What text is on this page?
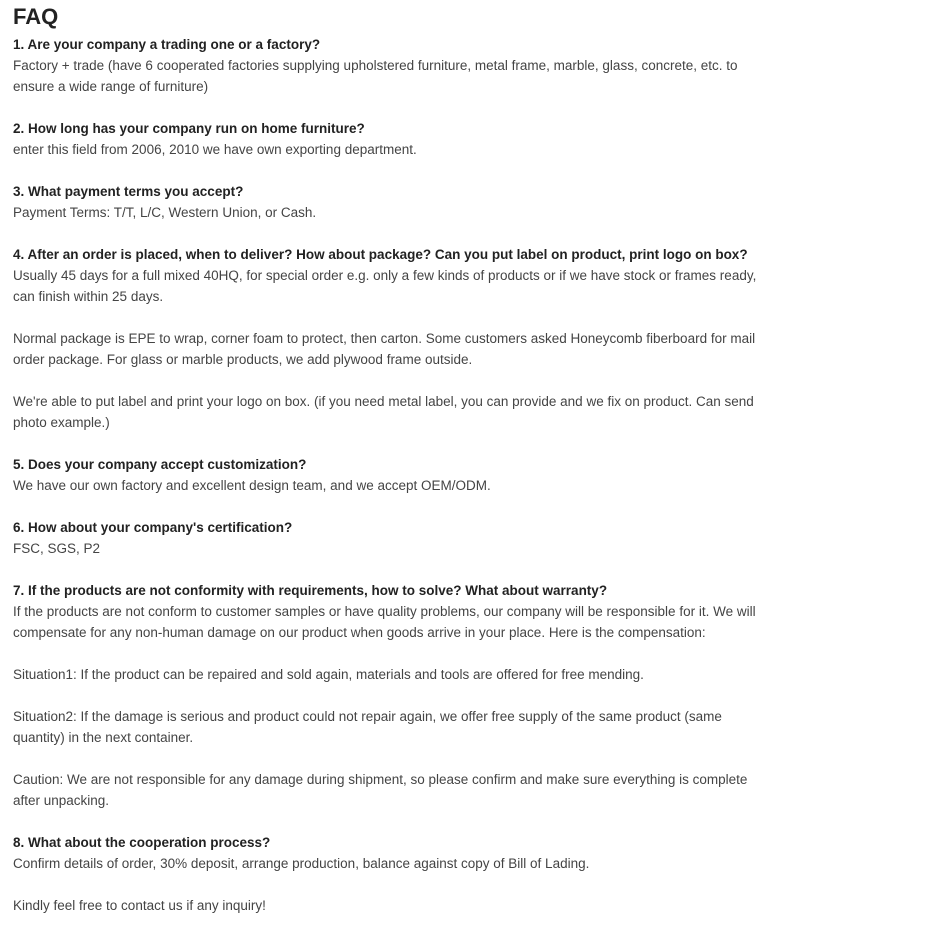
FAQ

1. Are your company a trading one or a factory?

Factory + trade (have 6 cooperated factories supplying upholstered furniture, metal frame, marble, glass, concrete, etc. to ensure a wide range of furniture)

2. How long has your company run on home furniture?

enter this field from 2006, 2010 we have own exporting department.

3. What payment terms you accept?

Payment Terms: T/T, L/C, Western Union, or Cash.

4. After an order is placed, when to deliver? How about package? Can you put label on product, print logo on box?

Usually 45 days for a full mixed 40HQ, for special order e.g. only a few kinds of products or if we have stock or frames ready, can finish within 25 days.

Normal package is EPE to wrap, corner foam to protect, then carton. Some customers asked Honeycomb fiberboard for mail order package. For glass or marble products, we add plywood frame outside.

We're able to put label and print your logo on box. (if you need metal label, you can provide and we fix on product. Can send photo example.)

5. Does your company accept customization?

We have our own factory and excellent design team, and we accept OEM/ODM.

6. How about your company's certification?

FSC, SGS, P2

7. If the products are not conformity with requirements, how to solve? What about warranty?

If the products are not conform to customer samples or have quality problems, our company will be responsible for it. We will compensate for any non-human damage on our product when goods arrive in your place. Here is the compensation:

Situation1: If the product can be repaired and sold again, materials and tools are offered for free mending.

Situation2: If the damage is serious and product could not repair again, we offer free supply of the same product (same quantity) in the next container.

Caution: We are not responsible for any damage during shipment, so please confirm and make sure everything is complete after unpacking.

8. What about the cooperation process?

Confirm details of order, 30% deposit, arrange production, balance against copy of Bill of Lading.

Kindly feel free to contact us if any inquiry!
